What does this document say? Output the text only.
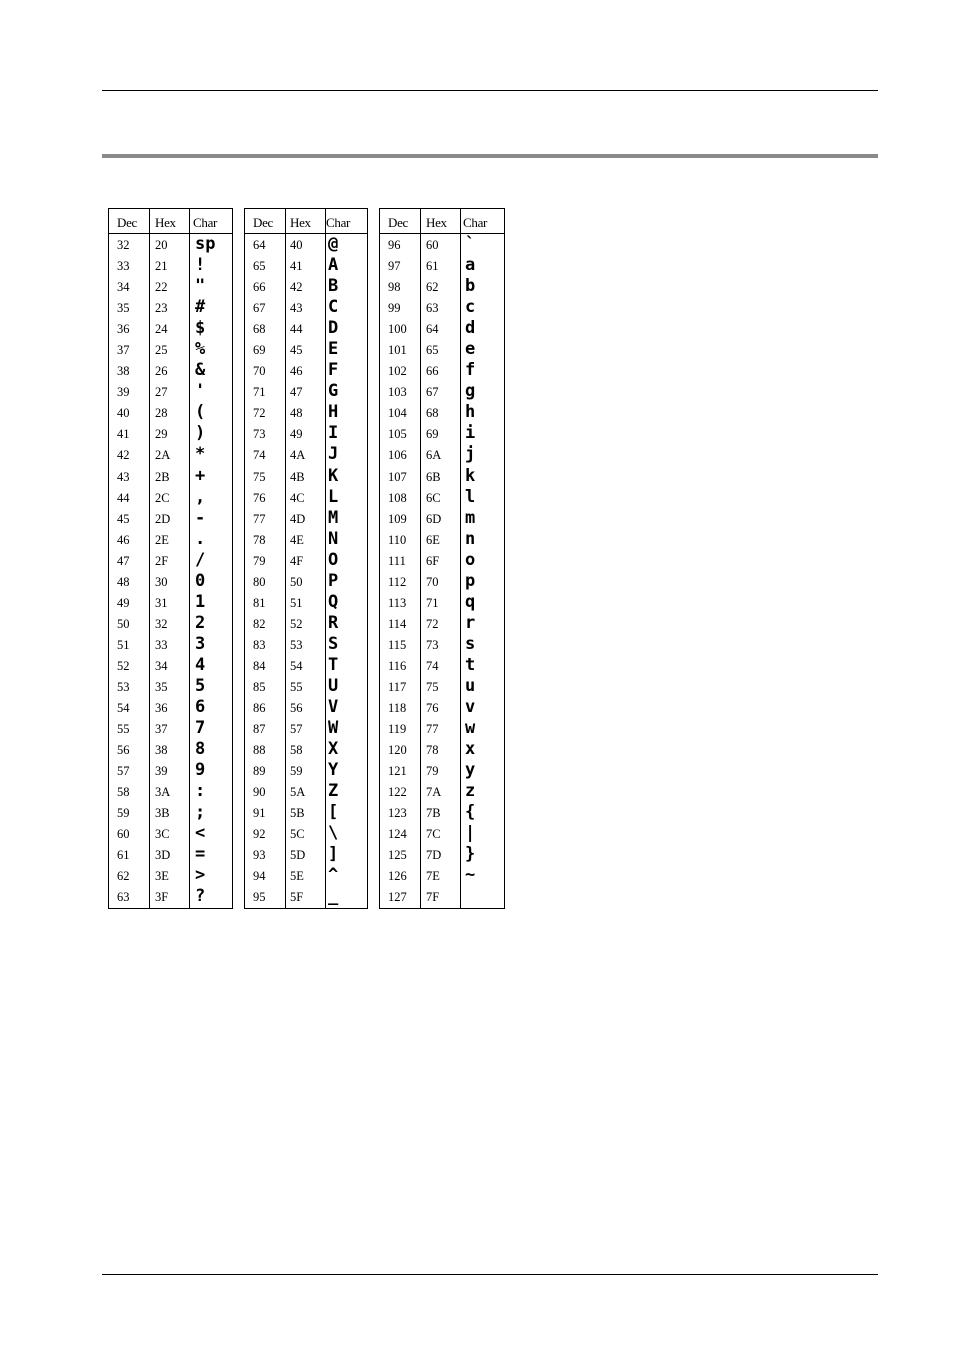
Dec Hex Char
32 20 sp
33 21 !
34 22 "
35 23 #
36 24 $
37 25 %
38 26 &
39 27 '
40 28 (
41 29 )
42 2A *
43 2B +
44 2C ,
45 2D -
46 2E .
47 2F /
48 30 0
49 31 1
50 32 2
51 33 3
52 34 4
53 35 5
54 36 6
55 37 7
56 38 8
57 39 9
58 3A :
59 3B ;
60 3C <
61 3D =
62 3E >
63 3F ?
Dec Hex Char
64 40 @
65 41 A
66 42 B
67 43 C
68 44 D
69 45 E
70 46 F
71 47 G
72 48 H
73 49 I
74 4A J
75 4B K
76 4C L
77 4D M
78 4E N
79 4F O
80 50 P
81 51 Q
82 52 R
83 53 S
84 54 T
85 55 U
86 56 V
87 57 W
88 58 X
89 59 Y
90 5A Z
91 5B [
92 5C \
93 5D ]
94 5E ^
95 5F _
Dec Hex Char
96 60 `
97 61 a
98 62 b
99 63 c
100 64 d
101 65 e
102 66 f
103 67 g
104 68 h
105 69 i
106 6A j
107 6B k
108 6C l
109 6D m
110 6E n
111 6F o
112 70 p
113 71 q
114 72 r
115 73 s
116 74 t
117 75 u
118 76 v
119 77 w
120 78 x
121 79 y
122 7A z
123 7B {
124 7C |
125 7D }
126 7E ~
127 7F
